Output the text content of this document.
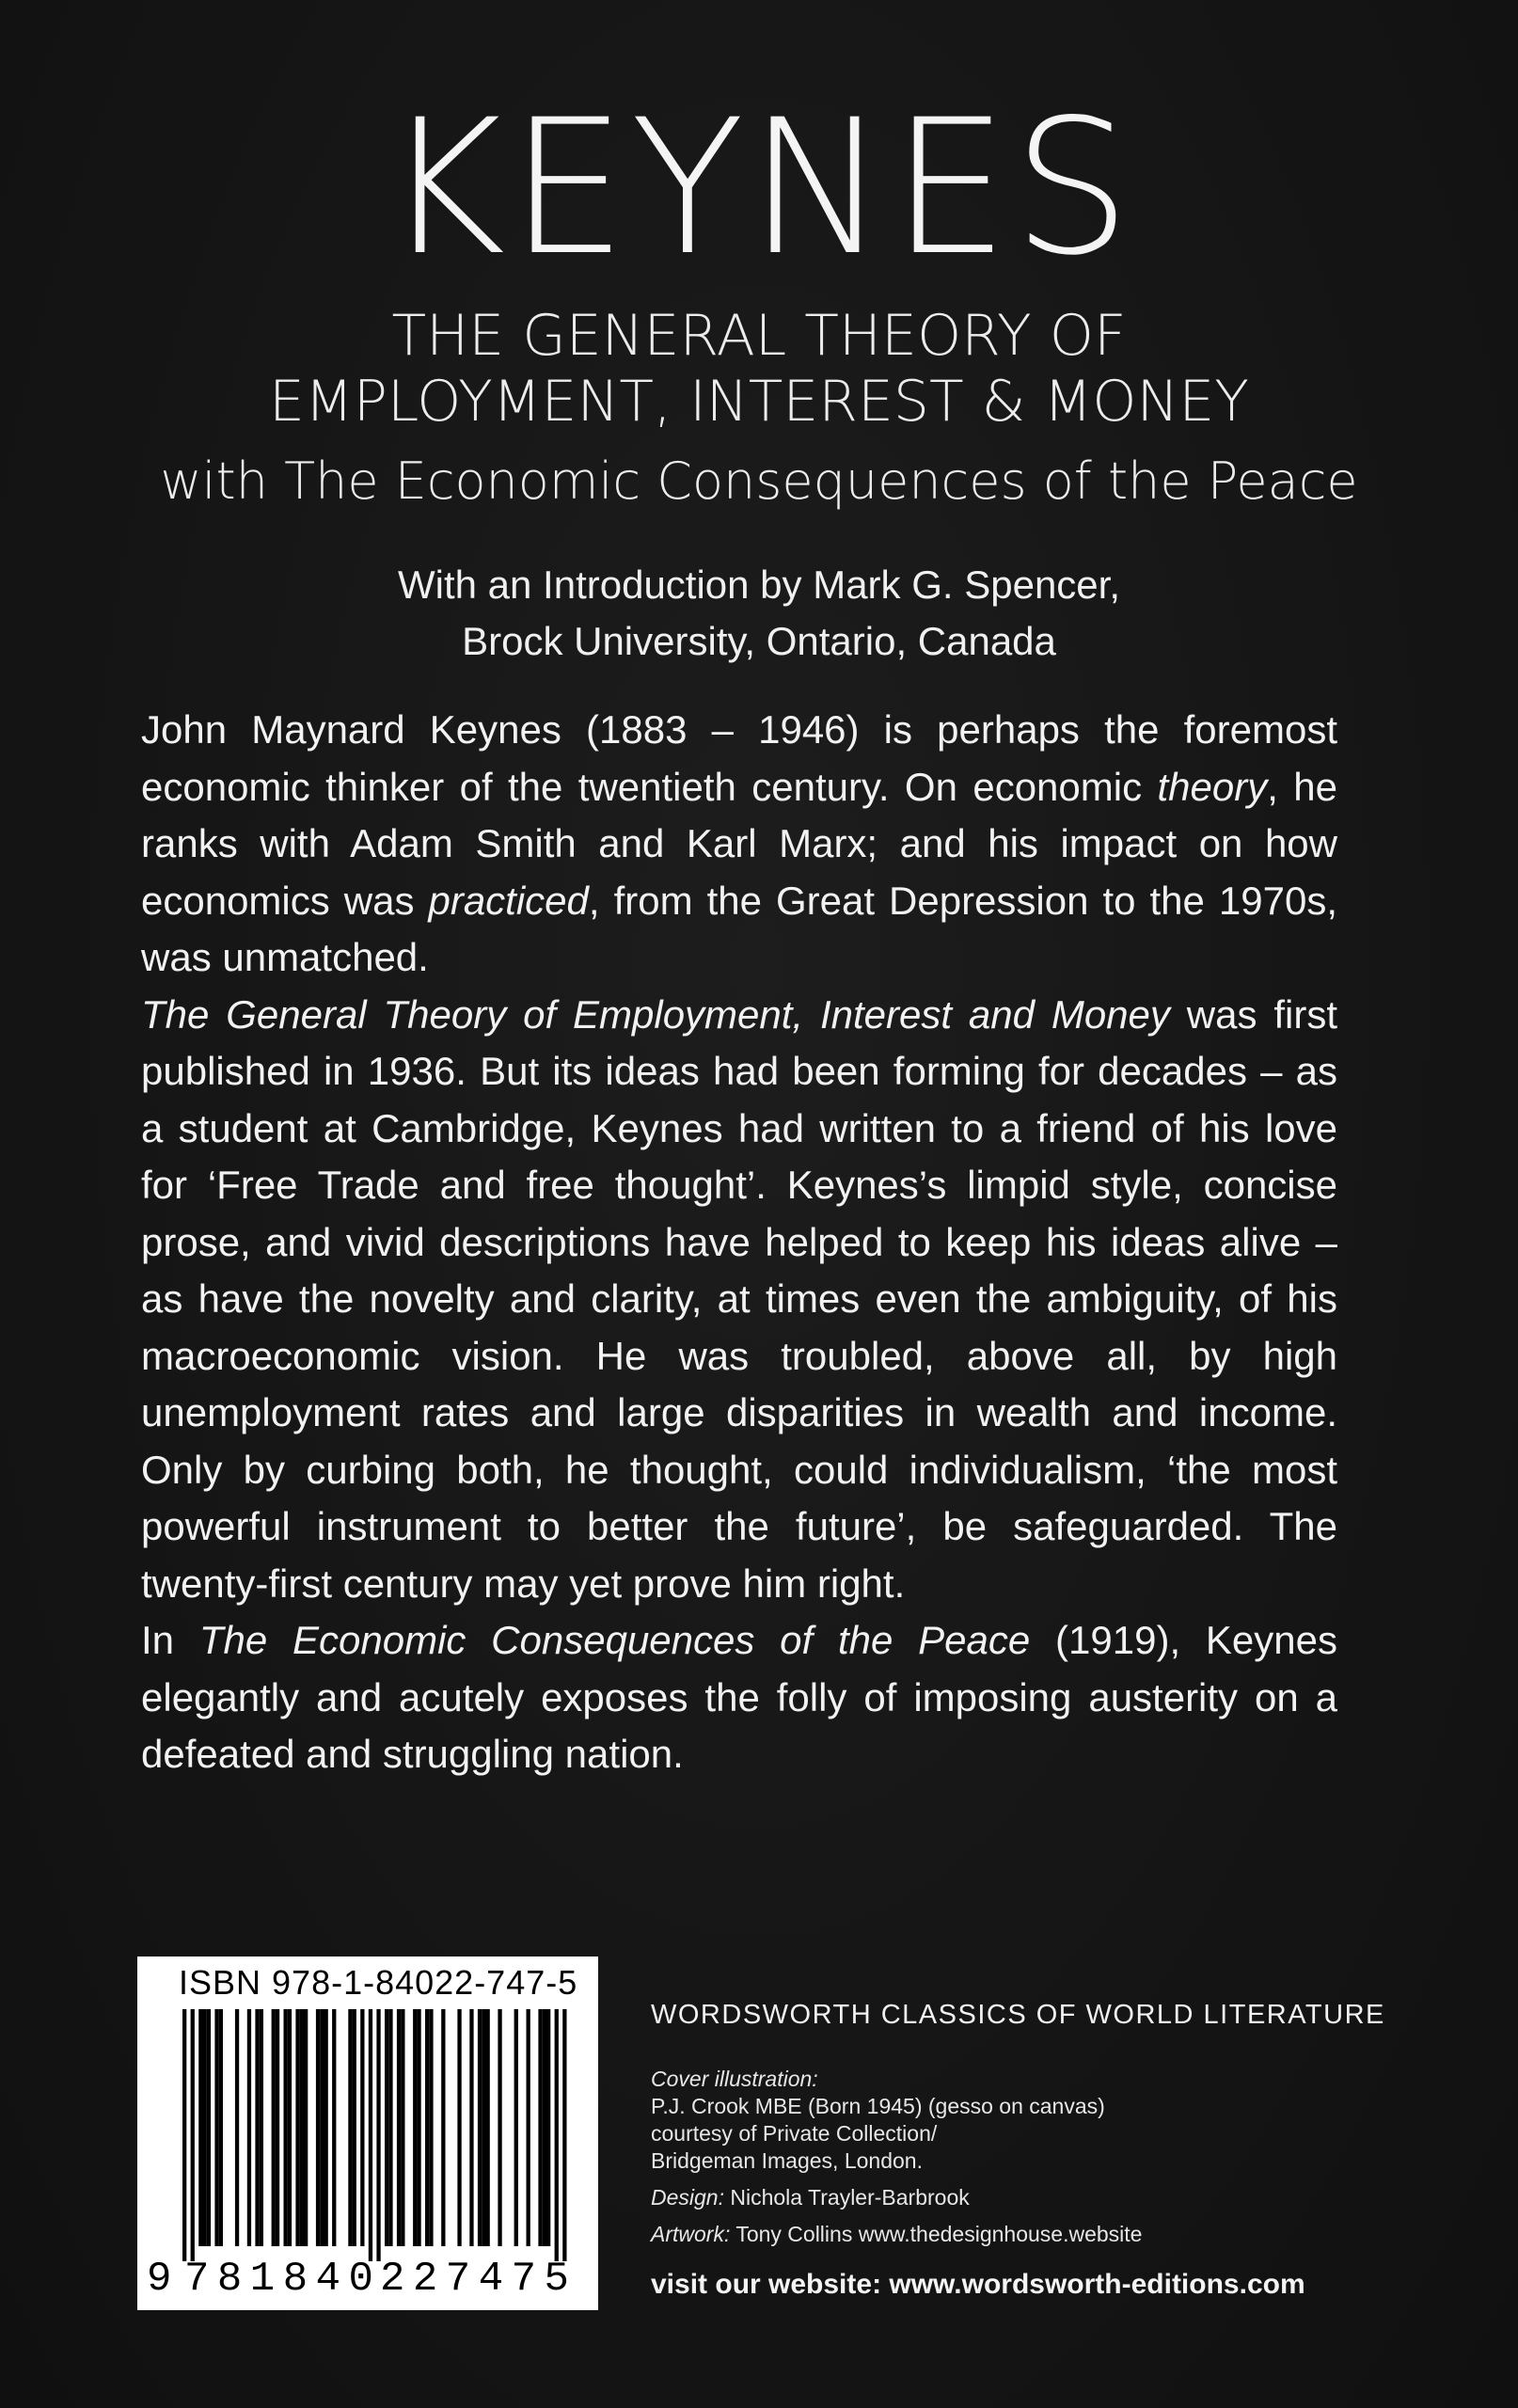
KEYNES
THE GENERAL THEORY OF
EMPLOYMENT, INTEREST & MONEY
with The Economic Consequences of the Peace
With an Introduction by Mark G. Spencer,
Brock University, Ontario, Canada

John Maynard Keynes (1883 – 1946) is perhaps the foremost economic thinker of the twentieth century. On economic theory, he ranks with Adam Smith and Karl Marx; and his impact on how economics was practiced, from the Great Depression to the 1970s, was unmatched.

The General Theory of Employment, Interest and Money was first published in 1936. But its ideas had been forming for decades – as a student at Cambridge, Keynes had written to a friend of his love for ‘Free Trade and free thought’. Keynes’s limpid style, concise prose, and vivid descriptions have helped to keep his ideas alive – as have the novelty and clarity, at times even the ambiguity, of his macroeconomic vision. He was troubled, above all, by high unemployment rates and large disparities in wealth and income. Only by curbing both, he thought, could individualism, ‘the most powerful instrument to better the future’, be safeguarded. The twenty-first century may yet prove him right.

In The Economic Consequences of the Peace (1919), Keynes elegantly and acutely exposes the folly of imposing austerity on a defeated and struggling nation.

ISBN 978-1-84022-747-5
9 781840
227475
WORDSWORTH CLASSICS OF WORLD LITERATURE
Cover illustration:
P.J. Crook MBE (Born 1945) (gesso on canvas)
courtesy of Private Collection/
Bridgeman Images, London.
Design: Nichola Trayler-Barbrook
Artwork: Tony Collins www.thedesignhouse.website
visit our website: www.wordsworth-editions.com
